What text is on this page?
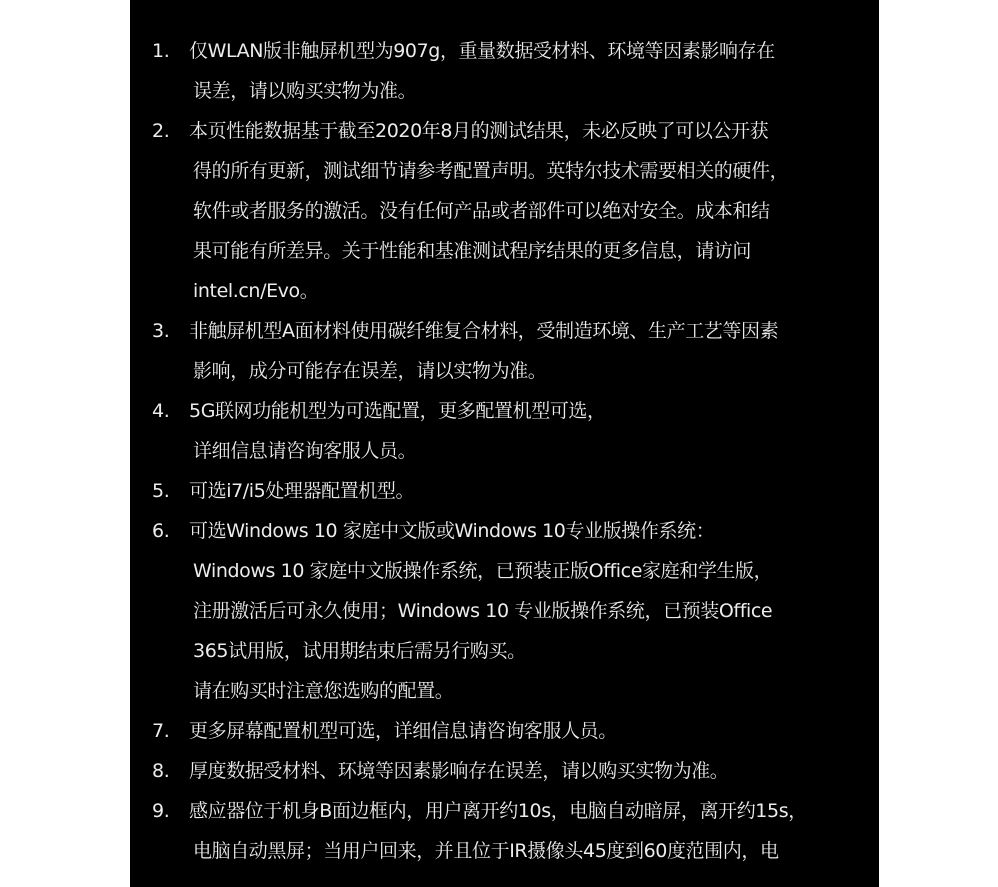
1. 仅WLAN版非触屏机型为907g，重量数据受材料、环境等因素影响存在
误差，请以购买实物为准。
2. 本页性能数据基于截至2020年8月的测试结果，未必反映了可以公开获
得的所有更新，测试细节请参考配置声明。英特尔技术需要相关的硬件，
软件或者服务的激活。没有任何产品或者部件可以绝对安全。成本和结
果可能有所差异。关于性能和基准测试程序结果的更多信息，请访问
intel.cn/Evo。
3. 非触屏机型A面材料使用碳纤维复合材料，受制造环境、生产工艺等因素
影响，成分可能存在误差，请以实物为准。
4. 5G联网功能机型为可选配置，更多配置机型可选，
详细信息请咨询客服人员。
5. 可选i7/i5处理器配置机型。
6. 可选Windows 10 家庭中文版或Windows 10专业版操作系统：
Windows 10 家庭中文版操作系统，已预装正版Office家庭和学生版，
注册激活后可永久使用；Windows 10 专业版操作系统，已预装Office
365试用版，试用期结束后需另行购买。
请在购买时注意您选购的配置。
7. 更多屏幕配置机型可选，详细信息请咨询客服人员。
8. 厚度数据受材料、环境等因素影响存在误差，请以购买实物为准。
9. 感应器位于机身B面边框内，用户离开约10s，电脑自动暗屏，离开约15s，
电脑自动黑屏；当用户回来，并且位于IR摄像头45度到60度范围内，电
